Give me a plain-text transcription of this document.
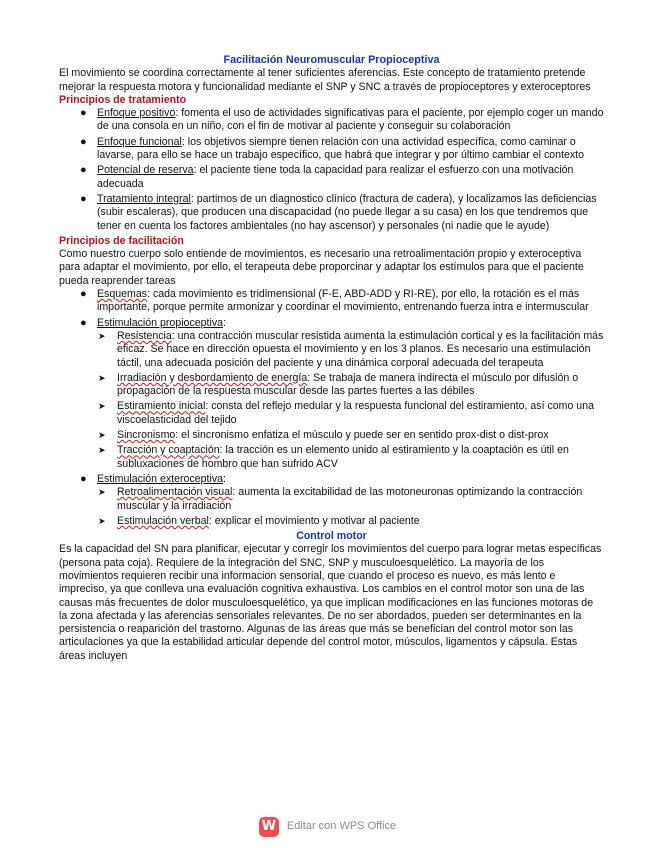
Facilitación Neuromuscular Propioceptiva

El movimiento se coordina correctamente al tener suficientes aferencias. Este concepto de tratamiento pretende mejorar la respuesta motora y funcionalidad mediante el SNP y SNC a través de propioceptores y exteroceptores

Principios de tratamiento

● Enfoque positivo: fomenta el uso de actividades significativas para el paciente, por ejemplo coger un mando de una consola en un niño, con el fin de motivar al paciente y conseguir su colaboración
● Enfoque funcional: los objetivos siempre tienen relación con una actividad específica, como caminar o lavarse, para ello se hace un trabajo específico, que habrá que integrar y por último cambiar el contexto
● Potencial de reserva: el paciente tiene toda la capacidad para realizar el esfuerzo con una motivación adecuada
● Tratamiento integral: partimos de un diagnostico clínico (fractura de cadera), y localizamos las deficiencias (subir escaleras), que producen una discapacidad (no puede llegar a su casa) en los que tendremos que tener en cuenta los factores ambientales (no hay ascensor) y personales (ni nadie que le ayude)

Principios de facilitación

Como nuestro cuerpo solo entiende de movimientos, es necesario una retroalimentación propio y exteroceptiva para adaptar el movimiento, por ello, el terapeuta debe proporcinar y adaptar los estímulos para que el paciente pueda reaprender tareas

● Esquemas: cada movimiento es tridimensional (F-E, ABD-ADD y RI-RE), por ello, la rotación es el más importante, porque permite armonizar y coordinar el movimiento, entrenando fuerza intra e intermuscular
● Estimulación propioceptiva:
➤ Resistencia: una contracción muscular resistida aumenta la estimulación cortical y es la facilitación más eficaz. Se hace en dirección opuesta el movimiento y en los 3 planos. Es necesario una estimulación táctil, una adecuada posición del paciente y una dinámica corporal adecuada del terapeuta
➤ Irradiación y desbordamiento de energía: Se trabaja de manera indirecta el músculo por difusión o propagación de la respuesta muscular desde las partes fuertes a las débiles
➤ Estiramiento inicial: consta del reflejo medular y la respuesta funcional del estiramiento, así como una viscoelasticidad del tejido
➤ Sincronismo: el sincronismo enfatiza el músculo y puede ser en sentido prox-dist o dist-prox
➤ Tracción y coaptación: la tracción es un elemento unido al estiramiento y la coaptación es útil en subluxaciones de hombro que han sufrido ACV
● Estimulación exteroceptiva:
➤ Retroalimentación visual: aumenta la excitabilidad de las motoneuronas optimizando la contracción muscular y la irradiación
➤ Estimulación verbal: explicar el movimiento y motivar al paciente

Control motor

Es la capacidad del SN para planificar, ejecutar y corregir los movimientos del cuerpo para lograr metas específicas (persona pata coja). Requiere de la integración del SNC, SNP y musculoesquelético. La mayoría de los movimientos requieren recibir una informacion sensorial, que cuando el proceso es nuevo, es más lento e impreciso, ya que conlleva una evaluación cognitiva exhaustiva. Los cambios en el control motor son una de las causas más frecuentes de dolor musculoesquelético, ya que implican modificaciones en las funciones motoras de la zona afectada y las aferencias sensoriales relevantes. De no ser abordados, pueden ser determinantes en la persistencia o reaparición del trastorno. Algunas de las áreas que más se benefician del control motor son las articulaciones ya que la estabilidad articular depende del control motor, músculos, ligamentos y cápsula. Estas áreas incluyen

W Editar con WPS Office
